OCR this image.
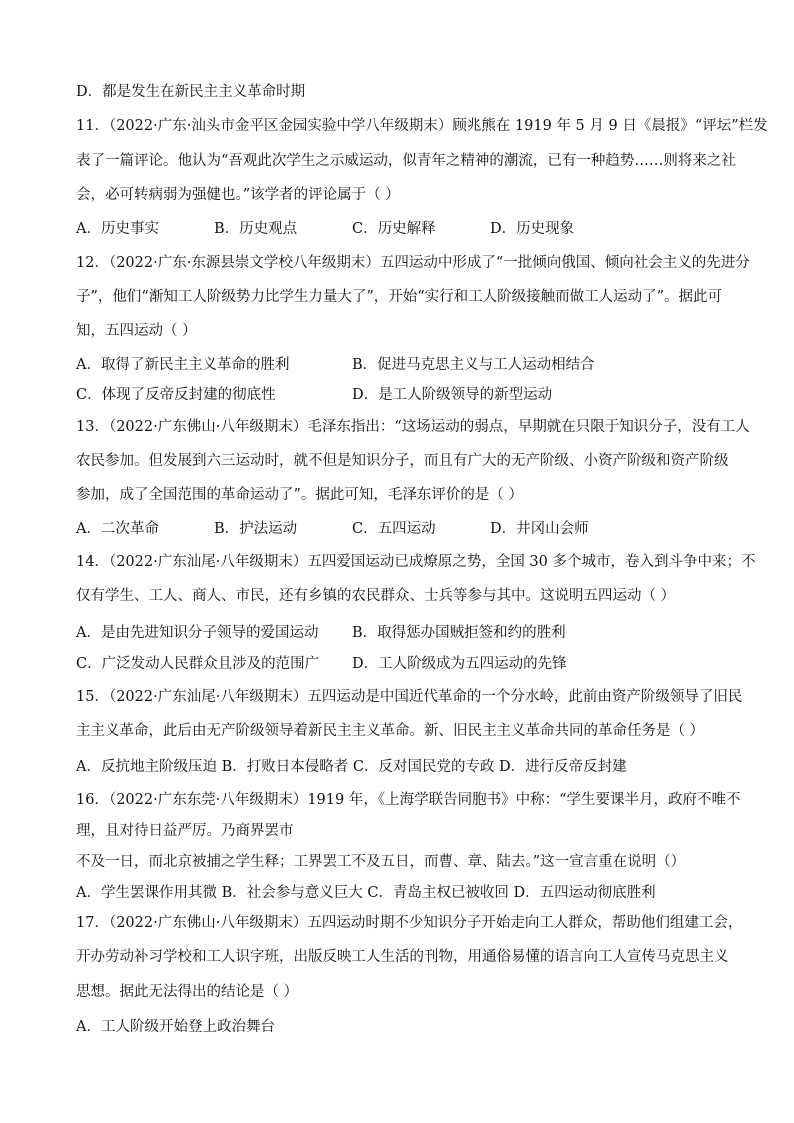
D．都是发生在新民主主义革命时期
11．（2022·广东·汕头市金平区金园实验中学八年级期末）顾兆熊在 1919 年 5 月 9 日《晨报》“评坛”栏发
表了一篇评论。他认为“吾观此次学生之示威运动，似青年之精神的潮流，已有一种趋势……则将来之社
会，必可转病弱为强健也。”该学者的评论属于（ ）
A．历史事实	B．历史观点	C．历史解释	D．历史现象
12．（2022·广东·东源县崇文学校八年级期末）五四运动中形成了“一批倾向俄国、倾向社会主义的先进分
子”，他们“渐知工人阶级势力比学生力量大了”，开始“实行和工人阶级接触而做工人运动了”。据此可
知，五四运动（ ）
A．取得了新民主主义革命的胜利	B．促进马克思主义与工人运动相结合
C．体现了反帝反封建的彻底性	D．是工人阶级领导的新型运动
13．（2022·广东佛山·八年级期末）毛泽东指出：“这场运动的弱点，早期就在只限于知识分子，没有工人
农民参加。但发展到六三运动时，就不但是知识分子，而且有广大的无产阶级、小资产阶级和资产阶级
参加，成了全国范围的革命运动了”。据此可知，毛泽东评价的是（ ）
A．二次革命	B．护法运动	C．五四运动	D．井冈山会师
14．（2022·广东汕尾·八年级期末）五四爱国运动已成燎原之势，全国 30 多个城市，卷入到斗争中来；不
仅有学生、工人、商人、市民，还有乡镇的农民群众、士兵等参与其中。这说明五四运动（ ）
A．是由先进知识分子领导的爱国运动 B．取得惩办国贼拒签和约的胜利
C．广泛发动人民群众且涉及的范围广 D．工人阶级成为五四运动的先锋
15．（2022·广东汕尾·八年级期末）五四运动是中国近代革命的一个分水岭，此前由资产阶级领导了旧民
主主义革命，此后由无产阶级领导着新民主主义革命。新、旧民主主义革命共同的革命任务是（ ）
A．反抗地主阶级压迫 B．打败日本侵略者 C．反对国民党的专政 D．进行反帝反封建
16．（2022·广东东莞·八年级期末）1919 年，《上海学联告同胞书》中称：“学生要课半月，政府不唯不
理，且对待日益严厉。乃商界罢市
不及一日，而北京被捕之学生释；工界罢工不及五日，而曹、章、陆去。”这一宣言重在说明（）
A．学生罢课作用其微 B．社会参与意义巨大 C．青岛主权已被收回 D．五四运动彻底胜利
17．（2022·广东佛山·八年级期末）五四运动时期不少知识分子开始走向工人群众，帮助他们组建工会，
开办劳动补习学校和工人识字班，出版反映工人生活的刊物，用通俗易懂的语言向工人宣传马克思主义
思想。据此无法得出的结论是（ ）
A．工人阶级开始登上政治舞台
